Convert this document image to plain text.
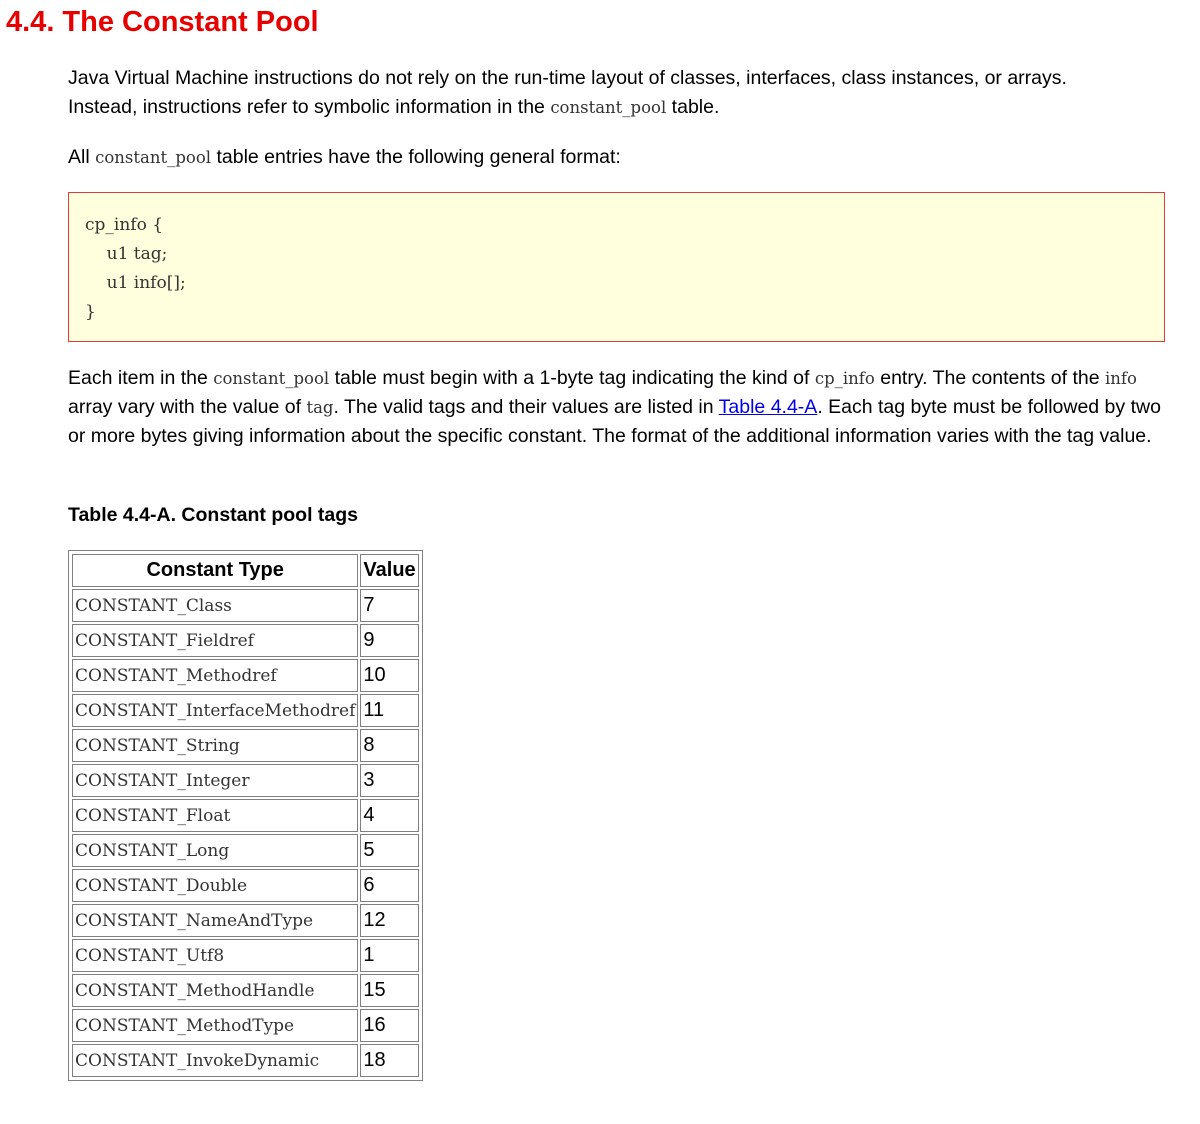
4.4. The Constant Pool

Java Virtual Machine instructions do not rely on the run-time layout of classes, interfaces, class instances, or arrays.
Instead, instructions refer to symbolic information in the constant_pool table.

All constant_pool table entries have the following general format:

cp_info {
u1 tag;
u1 info[];
}

Each item in the constant_pool table must begin with a 1-byte tag indicating the kind of cp_info entry. The contents of the info array vary with the value of tag. The valid tags and their values are listed in Table 4.4-A. Each tag byte must be followed by two or more bytes giving information about the specific constant. The format of the additional information varies with the tag value.

Table 4.4-A. Constant pool tags

Constant Type	Value
CONSTANT_Class	7
CONSTANT_Fieldref	9
CONSTANT_Methodref	10
CONSTANT_InterfaceMethodref	11
CONSTANT_String	8
CONSTANT_Integer	3
CONSTANT_Float	4
CONSTANT_Long	5
CONSTANT_Double	6
CONSTANT_NameAndType	12
CONSTANT_Utf8	1
CONSTANT_MethodHandle	15
CONSTANT_MethodType	16
CONSTANT_InvokeDynamic	18
